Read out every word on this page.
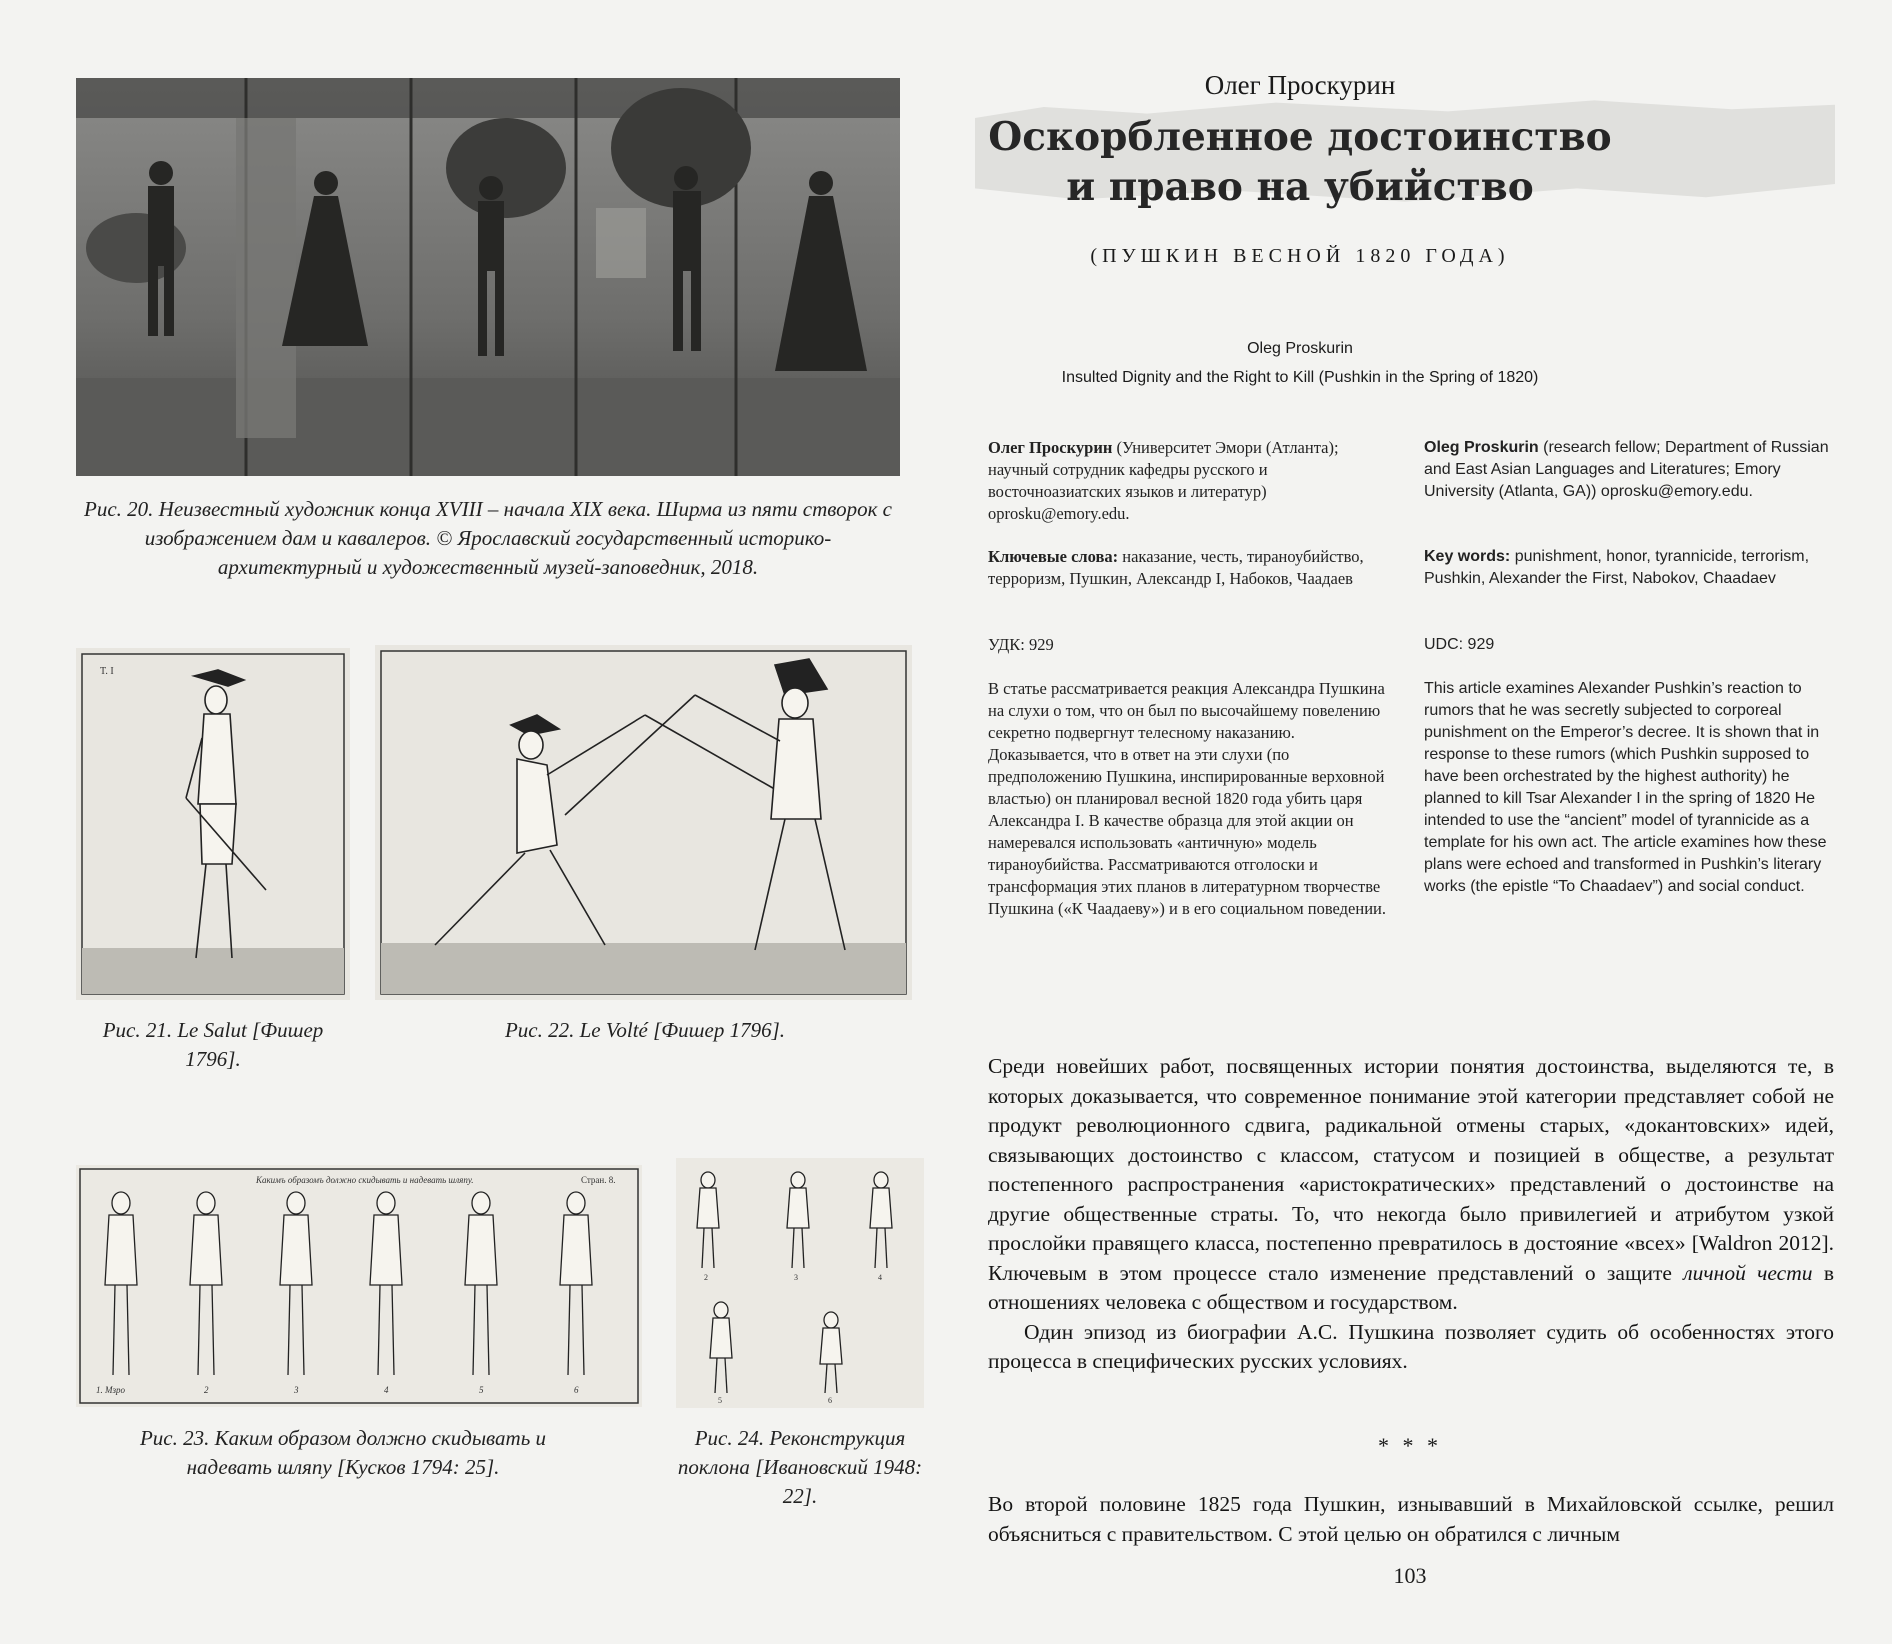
Рис. 20. Неизвестный художник конца XVIII – начала XIX века. Ширма из пяти створок с изображением дам и кавалеров. © Ярославский государственный историко-архитектурный и художественный музей-заповедник, 2018.
T. I
Рис. 21. Le Salut [Фишер 1796].
Рис. 22. Le Volté [Фишер 1796].
Какимъ образомъ должно скидывать и надевать шляпу.	Стран. 8.
1. Мзро	2	3	4	5	6
Рис. 23. Каким образом должно скидывать и надевать шляпу [Кусков 1794: 25].
2	3	4
5	6
Рис. 24. Реконструкция поклона [Ивановский 1948: 22].
Олег Проскурин
Оскорбленное достоинство
и право на убийство
(ПУШКИН ВЕСНОЙ 1820 ГОДА)
Oleg Proskurin
Insulted Dignity and the Right to Kill (Pushkin in the Spring of 1820)

Олег Проскурин (Университет Эмори (Атланта); научный сотрудник кафедры русского и восточноазиатских языков и литератур) oprosku@emory.edu.

Ключевые слова: наказание, честь, тираноубийство, терроризм, Пушкин, Александр I, Набоков, Чаадаев

УДК: 929

В статье рассматривается реакция Александра Пушкина на слухи о том, что он был по высочайшему повелению секретно подвергнут телесному наказанию. Доказывается, что в ответ на эти слухи (по предположению Пушкина, инспирированные верховной властью) он планировал весной 1820 года убить царя Александра I. В качестве образца для этой акции он намеревался использовать «античную» модель тираноубийства. Рассматриваются отголоски и трансформация этих планов в литературном творчестве Пушкина («К Чаадаеву») и в его социальном поведении.

Oleg Proskurin (research fellow; Department of Russian and East Asian Languages and Literatures; Emory University (Atlanta, GA)) oprosku@emory.edu.

Key words: punishment, honor, tyrannicide, terrorism, Pushkin, Alexander the First, Nabokov, Chaadaev

UDC: 929

This article examines Alexander Pushkin’s reaction to rumors that he was secretly subjected to corporeal punishment on the Emperor’s decree. It is shown that in response to these rumors (which Pushkin supposed to have been orchestrated by the highest authority) he planned to kill Tsar Alexander I in the spring of 1820 He intended to use the “ancient” model of tyrannicide as a template for his own act. The article examines how these plans were echoed and transformed in Pushkin’s literary works (the epistle “To Chaadaev”) and social conduct.

Среди новейших работ, посвященных истории понятия достоинства, выделяются те, в которых доказывается, что современное понимание этой категории представляет собой не продукт революционного сдвига, радикальной отмены старых, «докантовских» идей, связывающих достоинство с классом, статусом и позицией в обществе, а результат постепенного распространения «аристократических» представлений о достоинстве на другие общественные страты. То, что некогда было привилегией и атрибутом узкой прослойки правящего класса, постепенно превратилось в достояние «всех» [Waldron 2012]. Ключевым в этом процессе стало изменение представлений о защите личной чести в отношениях человека с обществом и государством.

Один эпизод из биографии А.С. Пушкина позволяет судить об особенностях этого процесса в специфических русских условиях.

* * *

Во второй половине 1825 года Пушкин, изнывавший в Михайловской ссылке, решил объясниться с правительством. С этой целью он обратился с личным

103
